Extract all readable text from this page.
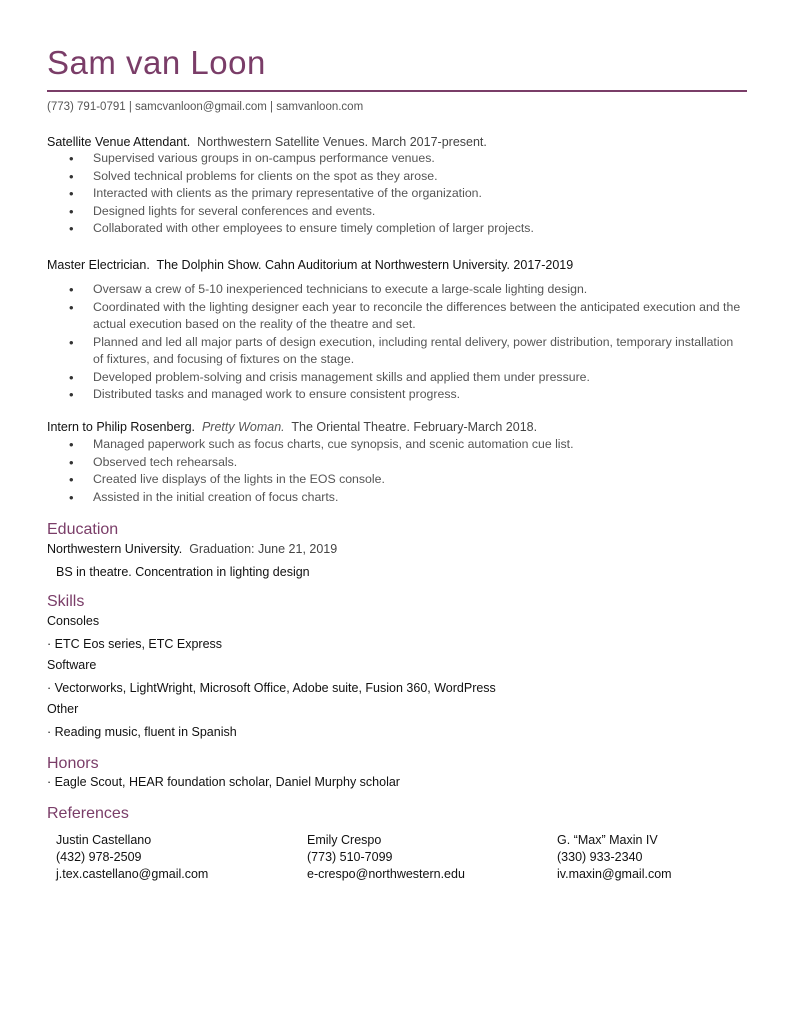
Sam van Loon
(773) 791-0791 | samcvanloon@gmail.com | samvanloon.com
Satellite Venue Attendant. Northwestern Satellite Venues. March 2017-present.
• Supervised various groups in on-campus performance venues.
• Solved technical problems for clients on the spot as they arose.
• Interacted with clients as the primary representative of the organization.
• Designed lights for several conferences and events.
• Collaborated with other employees to ensure timely completion of larger projects.
Master Electrician. The Dolphin Show. Cahn Auditorium at Northwestern University. 2017-2019
• Oversaw a crew of 5-10 inexperienced technicians to execute a large-scale lighting design.
• Coordinated with the lighting designer each year to reconcile the differences between the anticipated execution and the actual execution based on the reality of the theatre and set.
• Planned and led all major parts of design execution, including rental delivery, power distribution, temporary installation of fixtures, and focusing of fixtures on the stage.
• Developed problem-solving and crisis management skills and applied them under pressure.
• Distributed tasks and managed work to ensure consistent progress.
Intern to Philip Rosenberg. Pretty Woman. The Oriental Theatre. February-March 2018.
• Managed paperwork such as focus charts, cue synopsis, and scenic automation cue list.
• Observed tech rehearsals.
• Created live displays of the lights in the EOS console.
• Assisted in the initial creation of focus charts.
Education
Northwestern University. Graduation: June 21, 2019
BS in theatre. Concentration in lighting design
Skills
Consoles
· ETC Eos series, ETC Express
Software
· Vectorworks, LightWright, Microsoft Office, Adobe suite, Fusion 360, WordPress
Other
· Reading music, fluent in Spanish
Honors
· Eagle Scout, HEAR foundation scholar, Daniel Murphy scholar
References
Justin Castellano
(432) 978-2509
j.tex.castellano@gmail.com
Emily Crespo
(773) 510-7099
e-crespo@northwestern.edu
G. “Max” Maxin IV
(330) 933-2340
iv.maxin@gmail.com
